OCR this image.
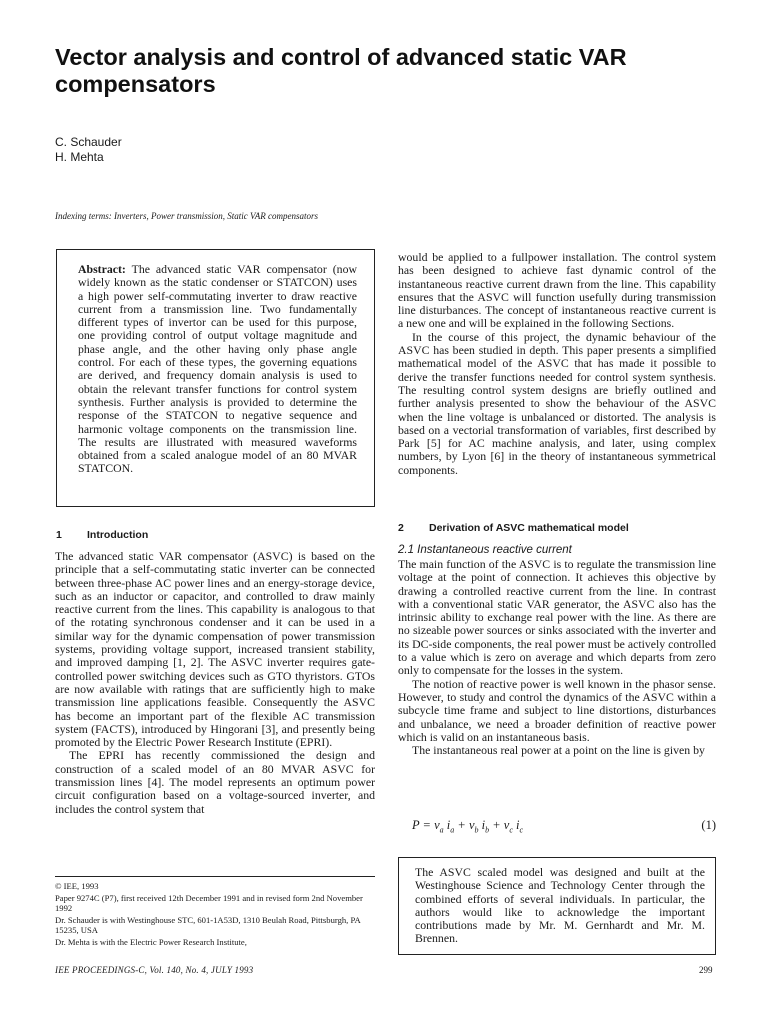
Vector analysis and control of advanced static VAR compensators
C. Schauder
H. Mehta
Indexing terms: Inverters, Power transmission, Static VAR compensators
Abstract: The advanced static VAR compensator (now widely known as the static condenser or STATCON) uses a high power self-commutating inverter to draw reactive current from a transmission line. Two fundamentally different types of invertor can be used for this purpose, one providing control of output voltage magnitude and phase angle, and the other having only phase angle control. For each of these types, the governing equations are derived, and frequency domain analysis is used to obtain the relevant transfer functions for control system synthesis. Further analysis is provided to determine the response of the STATCON to negative sequence and harmonic voltage components on the transmission line. The results are illustrated with measured waveforms obtained from a scaled analogue model of an 80 MVAR STATCON.
1 Introduction

The advanced static VAR compensator (ASVC) is based on the principle that a self-commutating static inverter can be connected between three-phase AC power lines and an energy-storage device, such as an inductor or capacitor, and controlled to draw mainly reactive current from the lines. This capability is analogous to that of the rotating synchronous condenser and it can be used in a similar way for the dynamic compensation of power transmission systems, providing voltage support, increased transient stability, and improved damping [1, 2]. The ASVC inverter requires gate-controlled power switching devices such as GTO thyristors. GTOs are now available with ratings that are sufficiently high to make transmission line applications feasible. Consequently the ASVC has become an important part of the flexible AC transmission system (FACTS), introduced by Hingorani [3], and presently being promoted by the Electric Power Research Institute (EPRI).

The EPRI has recently commissioned the design and construction of a scaled model of an 80 MVAR ASVC for transmission lines [4]. The model represents an optimum power circuit configuration based on a voltage-sourced inverter, and includes the control system that

would be applied to a fullpower installation. The control system has been designed to achieve fast dynamic control of the instantaneous reactive current drawn from the line. This capability ensures that the ASVC will function usefully during transmission line disturbances. The concept of instantaneous reactive current is a new one and will be explained in the following Sections.

In the course of this project, the dynamic behaviour of the ASVC has been studied in depth. This paper presents a simplified mathematical model of the ASVC that has made it possible to derive the transfer functions needed for control system synthesis. The resulting control system designs are briefly outlined and further analysis presented to show the behaviour of the ASVC when the line voltage is unbalanced or distorted. The analysis is based on a vectorial transformation of variables, first described by Park [5] for AC machine analysis, and later, using complex numbers, by Lyon [6] in the theory of instantaneous symmetrical components.

2 Derivation of ASVC mathematical model
2.1 Instantaneous reactive current

The main function of the ASVC is to regulate the transmission line voltage at the point of connection. It achieves this objective by drawing a controlled reactive current from the line. In contrast with a conventional static VAR generator, the ASVC also has the intrinsic ability to exchange real power with the line. As there are no sizeable power sources or sinks associated with the inverter and its DC-side components, the real power must be actively controlled to a value which is zero on average and which departs from zero only to compensate for the losses in the system.

The notion of reactive power is well known in the phasor sense. However, to study and control the dynamics of the ASVC within a subcycle time frame and subject to line distortions, disturbances and unbalance, we need a broader definition of reactive power which is valid on an instantaneous basis.

The instantaneous real power at a point on the line is given by

$P = v_a$ $i_a + v_b$ $i_b + v_c$ $i_c$	(1)
The ASVC scaled model was designed and built at the Westinghouse Science and Technology Center through the combined efforts of several individuals. In particular, the authors would like to acknowledge the important contributions made by Mr. M. Gernhardt and Mr. M. Brennen.

© IEE, 1993

Paper 9274C (P7), first received 12th December 1991 and in revised form 2nd November 1992

Dr. Schauder is with Westinghouse STC, 601-1A53D, 1310 Beulah Road, Pittsburgh, PA 15235, USA

Dr. Mehta is with the Electric Power Research Institute,

IEE PROCEEDINGS-C, Vol. 140, No. 4, JULY 1993	299
